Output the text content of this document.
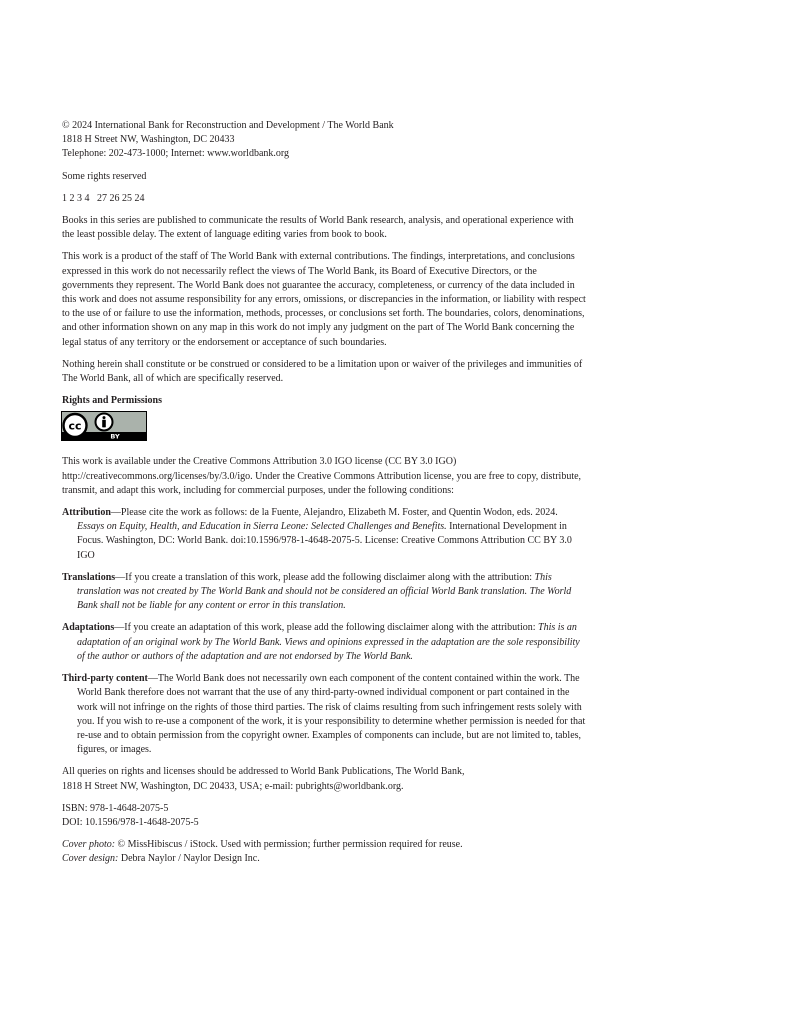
© 2024 International Bank for Reconstruction and Development / The World Bank

1818 H Street NW, Washington, DC 20433

Telephone: 202-473-1000; Internet: www.worldbank.org

Some rights reserved

1 2 3 4   27 26 25 24

Books in this series are published to communicate the results of World Bank research, analysis, and operational experience with the least possible delay. The extent of language editing varies from book to book.

This work is a product of the staff of The World Bank with external contributions. The findings, interpretations, and conclusions expressed in this work do not necessarily reflect the views of The World Bank, its Board of Executive Directors, or the governments they represent. The World Bank does not guarantee the accuracy, completeness, or currency of the data included in this work and does not assume responsibility for any errors, omissions, or discrepancies in the information, or liability with respect to the use of or failure to use the information, methods, processes, or conclusions set forth. The boundaries, colors, denominations, and other information shown on any map in this work do not imply any judgment on the part of The World Bank concerning the legal status of any territory or the endorsement or acceptance of such boundaries.

Nothing herein shall constitute or be construed or considered to be a limitation upon or waiver of the privileges and immunities of The World Bank, all of which are specifically reserved.

Rights and Permissions

cc
BY

This work is available under the Creative Commons Attribution 3.0 IGO license (CC BY 3.0 IGO) http://creativecommons.org/licenses/by/3.0/igo. Under the Creative Commons Attribution license, you are free to copy, distribute, transmit, and adapt this work, including for commercial purposes, under the following conditions:

Attribution—Please cite the work as follows: de la Fuente, Alejandro, Elizabeth M. Foster, and Quentin Wodon, eds. 2024. Essays on Equity, Health, and Education in Sierra Leone: Selected Challenges and Benefits. International Development in Focus. Washington, DC: World Bank. doi:10.1596/978-1-4648-2075-5. License: Creative Commons Attribution CC BY 3.0 IGO

Translations—If you create a translation of this work, please add the following disclaimer along with the attribution: This translation was not created by The World Bank and should not be considered an official World Bank translation. The World Bank shall not be liable for any content or error in this translation.

Adaptations—If you create an adaptation of this work, please add the following disclaimer along with the attribution: This is an adaptation of an original work by The World Bank. Views and opinions expressed in the adaptation are the sole responsibility of the author or authors of the adaptation and are not endorsed by The World Bank.

Third-party content—The World Bank does not necessarily own each component of the content contained within the work. The World Bank therefore does not warrant that the use of any third-party-owned individual component or part contained in the work will not infringe on the rights of those third parties. The risk of claims resulting from such infringement rests solely with you. If you wish to re-use a component of the work, it is your responsibility to determine whether permission is needed for that re-use and to obtain permission from the copyright owner. Examples of components can include, but are not limited to, tables, figures, or images.

All queries on rights and licenses should be addressed to World Bank Publications, The World Bank,
1818 H Street NW, Washington, DC 20433, USA; e-mail: pubrights@worldbank.org.
ISBN: 978-1-4648-2075-5
DOI: 10.1596/978-1-4648-2075-5
Cover photo: © MissHibiscus / iStock. Used with permission; further permission required for reuse.
Cover design: Debra Naylor / Naylor Design Inc.
